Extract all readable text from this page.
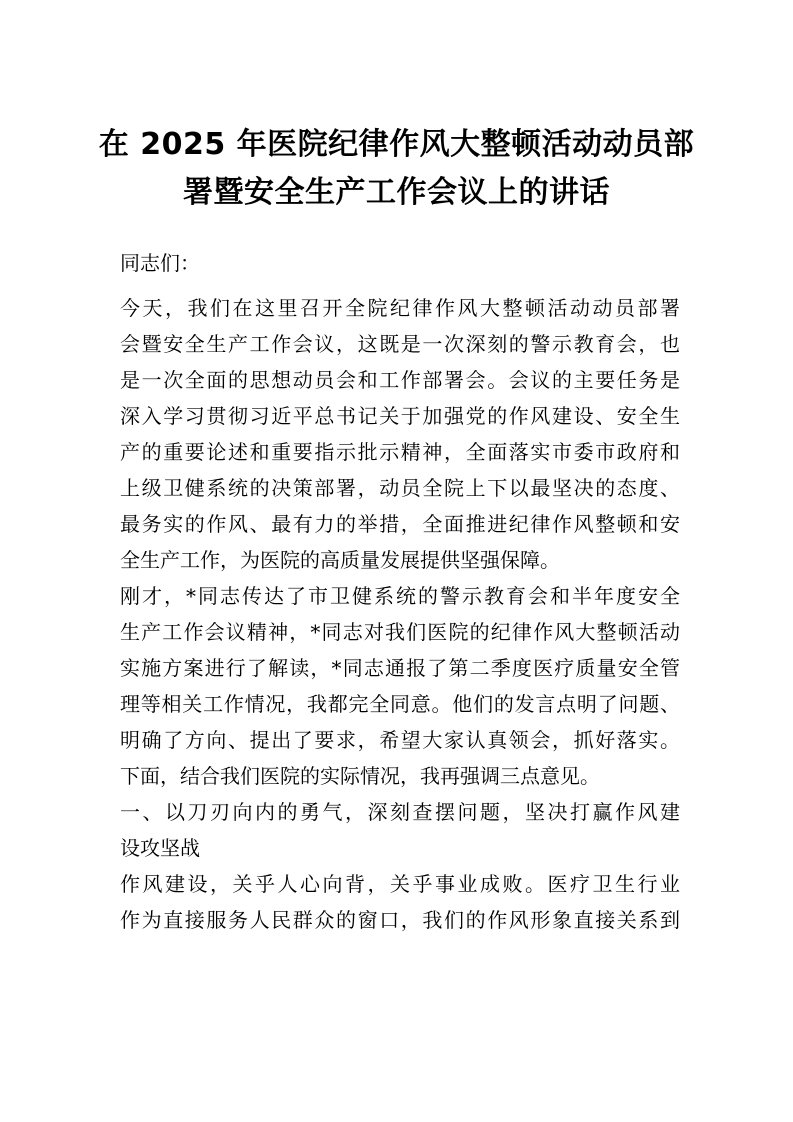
在 2025 年医院纪律作风大整顿活动动员部
署暨安全生产工作会议上的讲话
同志们：
今天，我们在这里召开全院纪律作风大整顿活动动员部署
会暨安全生产工作会议，这既是一次深刻的警示教育会，也
是一次全面的思想动员会和工作部署会。会议的主要任务是
深入学习贯彻习近平总书记关于加强党的作风建设、安全生
产的重要论述和重要指示批示精神，全面落实市委市政府和
上级卫健系统的决策部署，动员全院上下以最坚决的态度、
最务实的作风、最有力的举措，全面推进纪律作风整顿和安
全生产工作，为医院的高质量发展提供坚强保障。
刚才，*同志传达了市卫健系统的警示教育会和半年度安全
生产工作会议精神，*同志对我们医院的纪律作风大整顿活动
实施方案进行了解读，*同志通报了第二季度医疗质量安全管
理等相关工作情况，我都完全同意。他们的发言点明了问题、
明确了方向、提出了要求，希望大家认真领会，抓好落实。
下面，结合我们医院的实际情况，我再强调三点意见。
一、以刀刃向内的勇气，深刻查摆问题，坚决打赢作风建
设攻坚战
作风建设，关乎人心向背，关乎事业成败。医疗卫生行业
作为直接服务人民群众的窗口，我们的作风形象直接关系到
